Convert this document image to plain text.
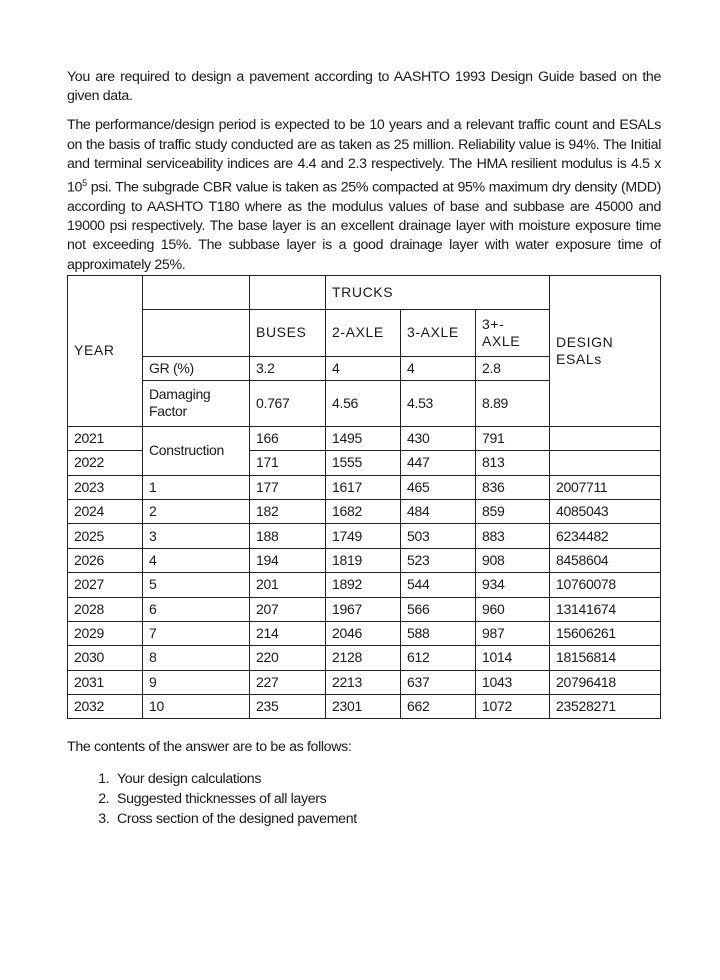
You are required to design a pavement according to AASHTO 1993 Design Guide based on the given data.

The performance/design period is expected to be 10 years and a relevant traffic count and ESALs on the basis of traffic study conducted are as taken as 25 million. Reliability value is 94%. The Initial and terminal serviceability indices are 4.4 and 2.3 respectively. The HMA resilient modulus is 4.5 x $10^5$ psi. The subgrade CBR value is taken as 25% compacted at 95% maximum dry density (MDD) according to AASHTO T180 where as the modulus values of base and subbase are 45000 and 19000 psi respectively. The base layer is an excellent drainage layer with moisture exposure time not exceeding 15%. The subbase layer is a good drainage layer with water exposure time of approximately 25%.

YEAR			TRUCKS			DESIGN ESALs
		BUSES	2-AXLE	3-AXLE	3+-AXLE	
	GR (%)	3.2	4	4	2.8	
	Damaging Factor	0.767	4.56	4.53	8.89	
2021	Construction	166	1495	430	791	
2022		171	1555	447	813	
2023	1	177	1617	465	836	2007711
2024	2	182	1682	484	859	4085043
2025	3	188	1749	503	883	6234482
2026	4	194	1819	523	908	8458604
2027	5	201	1892	544	934	10760078
2028	6	207	1967	566	960	13141674
2029	7	214	2046	588	987	15606261
2030	8	220	2128	612	1014	18156814
2031	9	227	2213	637	1043	20796418
2032	10	235	2301	662	1072	23528271
The contents of the answer are to be as follows:
1. Your design calculations
2. Suggested thicknesses of all layers
3. Cross section of the designed pavement
